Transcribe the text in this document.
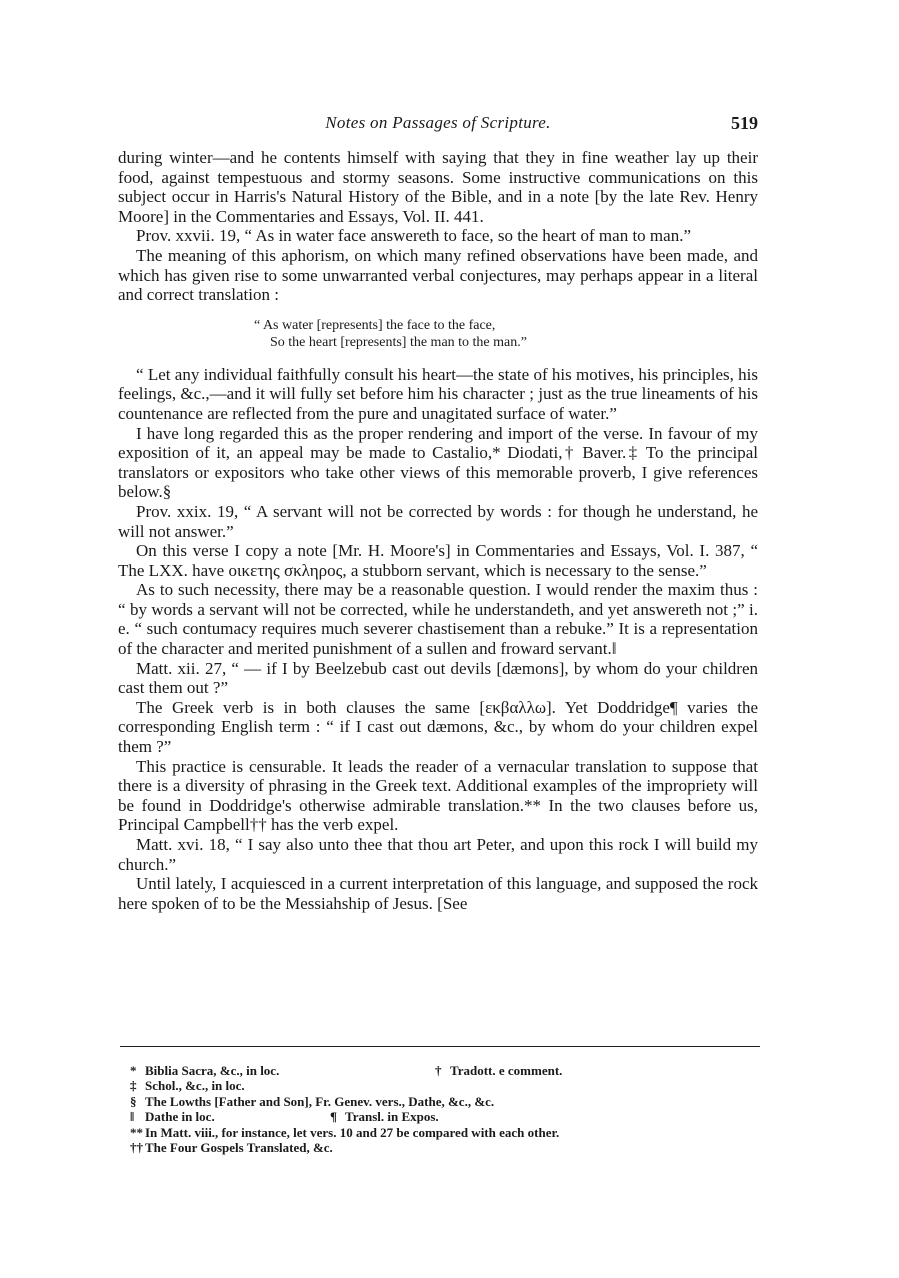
Notes on Passages of Scripture.	519

during winter—and he contents himself with saying that they in fine weather lay up their food, against tempestuous and stormy seasons. Some instructive communications on this subject occur in Harris's Natural History of the Bible, and in a note [by the late Rev. Henry Moore] in the Commentaries and Essays, Vol. II. 441.

Prov. xxvii. 19, “ As in water face answereth to face, so the heart of man to man.”

The meaning of this aphorism, on which many refined observations have been made, and which has given rise to some unwarranted verbal conjectures, may perhaps appear in a literal and correct translation :

“ As water [represents] the face to the face,
So the heart [represents] the man to the man.”

“ Let any individual faithfully consult his heart—the state of his motives, his principles, his feelings, &c.,—and it will fully set before him his character ; just as the true lineaments of his countenance are reflected from the pure and unagitated surface of water.”

I have long regarded this as the proper rendering and import of the verse. In favour of my exposition of it, an appeal may be made to Castalio,* Diodati,† Baver.‡ To the principal translators or expositors who take other views of this memorable proverb, I give references below.§

Prov. xxix. 19, “ A servant will not be corrected by words : for though he understand, he will not answer.”

On this verse I copy a note [Mr. H. Moore's] in Commentaries and Essays, Vol. I. 387, “ The LXX. have οικετης σκληρος, a stubborn servant, which is necessary to the sense.”

As to such necessity, there may be a reasonable question. I would render the maxim thus : “ by words a servant will not be corrected, while he understandeth, and yet answereth not ;” i. e. “ such contumacy requires much severer chastisement than a rebuke.” It is a representation of the character and merited punishment of a sullen and froward servant.‖

Matt. xii. 27, “ — if I by Beelzebub cast out devils [dæmons], by whom do your children cast them out ?”

The Greek verb is in both clauses the same [εκβαλλω]. Yet Doddridge¶ varies the corresponding English term : “ if I cast out dæmons, &c., by whom do your children expel them ?”

This practice is censurable. It leads the reader of a vernacular translation to suppose that there is a diversity of phrasing in the Greek text. Additional examples of the impropriety will be found in Doddridge's otherwise admirable translation.** In the two clauses before us, Principal Campbell†† has the verb expel.

Matt. xvi. 18, “ I say also unto thee that thou art Peter, and upon this rock I will build my church.”

Until lately, I acquiesced in a current interpretation of this language, and supposed the rock here spoken of to be the Messiahship of Jesus. [See

* Biblia Sacra, &c., in loc.	† Tradott. e comment.
‡ Schol., &c., in loc.
§ The Lowths [Father and Son], Fr. Genev. vers., Dathe, &c., &c.
‖ Dathe in loc.	¶ Transl. in Expos.
** In Matt. viii., for instance, let vers. 10 and 27 be compared with each other.
†† The Four Gospels Translated, &c.
